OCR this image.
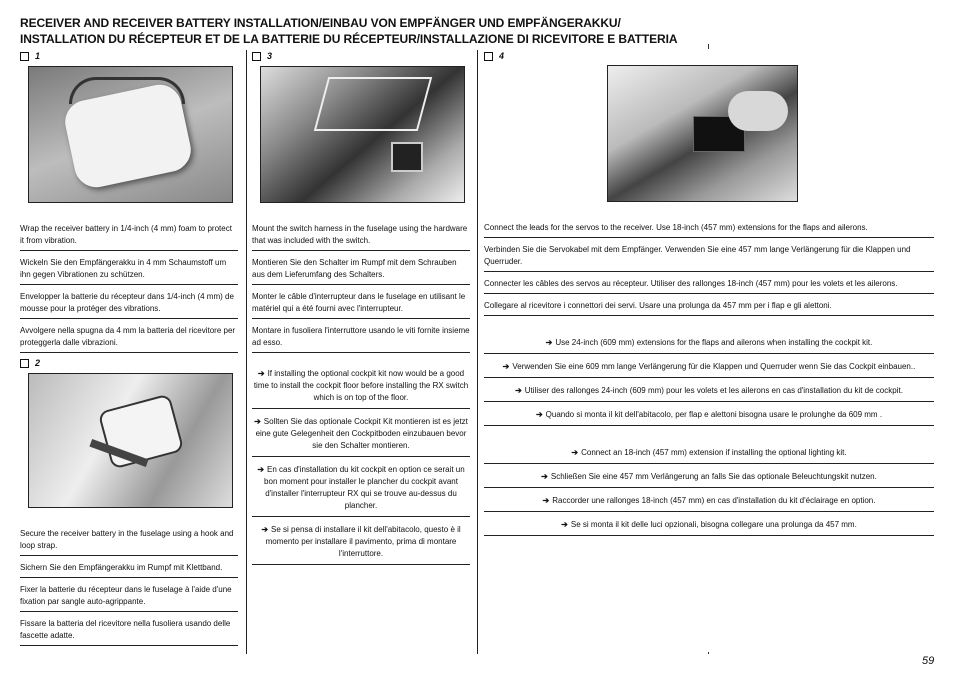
RECEIVER AND RECEIVER BATTERY INSTALLATION/EINBAU VON EMPFÄNGER UND EMPFÄNGERAKKU/
INSTALLATION DU RÉCEPTEUR ET DE LA BATTERIE DU RÉCEPTEUR/INSTALLAZIONE DI RICEVITORE E BATTERIA
1
Wrap the receiver battery in 1/4-inch (4 mm) foam to protect it from vibration.
Wickeln Sie den Empfängerakku in 4 mm Schaumstoff um ihn gegen Vibrationen zu schützen.
Envelopper la batterie du récepteur dans 1/4-inch (4 mm) de mousse pour la protéger des vibrations.
Avvolgere nella spugna da 4 mm la batteria del ricevitore per proteggerla dalle vibrazioni.
2
Secure the receiver battery in the fuselage using a hook and loop strap.
Sichern Sie den Empfängerakku im Rumpf mit Klettband.
Fixer la batterie du récepteur dans le fuselage à l'aide d'une fixation par sangle auto-agrippante.
Fissare la batteria del ricevitore nella fusoliera usando delle fascette adatte.
3
Mount the switch harness in the fuselage using the hardware that was included with the switch.
Montieren Sie den Schalter im Rumpf mit dem Schrauben aus dem Lieferumfang des Schalters.
Monter le câble d'interrupteur dans le fuselage en utilisant le matériel qui a été fourni avec l'interrupteur.
Montare in fusoliera l'interruttore usando le viti fornite insieme ad esso.
➔ If installing the optional cockpit kit now would be a good time to install the cockpit floor before installing the RX switch which is on top of the floor.
➔ Sollten Sie das optionale Cockpit Kit montieren ist es jetzt eine gute Gelegenheit den Cockpitboden einzubauen bevor sie den Schalter montieren.
➔ En cas d'installation du kit cockpit en option ce serait un bon moment pour installer le plancher du cockpit avant d'installer l'interrupteur RX qui se trouve au-dessus du plancher.
➔ Se si pensa di installare il kit dell'abitacolo, questo è il momento per installare il pavimento, prima di montare l'interruttore.
4
Connect the leads for the servos to the receiver. Use 18-inch (457 mm) extensions for the flaps and ailerons.
Verbinden Sie die Servokabel mit dem Empfänger. Verwenden Sie eine 457 mm lange Verlängerung für die Klappen und Querruder.
Connecter les câbles des servos au récepteur. Utiliser des rallonges 18-inch (457 mm) pour les volets et les ailerons.
Collegare al ricevitore i connettori dei servi. Usare una prolunga da 457 mm per i flap e gli alettoni.
➔ Use 24-inch (609 mm) extensions for the flaps and ailerons when installing the cockpit kit.
➔ Verwenden Sie eine 609 mm lange Verlängerung für die Klappen und Querruder wenn Sie das Cockpit einbauen..
➔ Utiliser des rallonges 24-inch (609 mm) pour les volets et les ailerons en cas d'installation du kit de cockpit.
➔ Quando si monta il kit dell'abitacolo, per flap e alettoni bisogna usare le prolunghe da 609 mm .
➔ Connect an 18-inch (457 mm) extension if installing the optional lighting kit.
➔ Schließen Sie eine 457 mm Verlängerung an falls Sie das optionale Beleuchtungskit nutzen.
➔ Raccorder une rallonges 18-inch (457 mm) en cas d'installation du kit d'éclairage en option.
➔ Se si monta il kit delle luci opzionali, bisogna collegare una prolunga da 457 mm.
59
